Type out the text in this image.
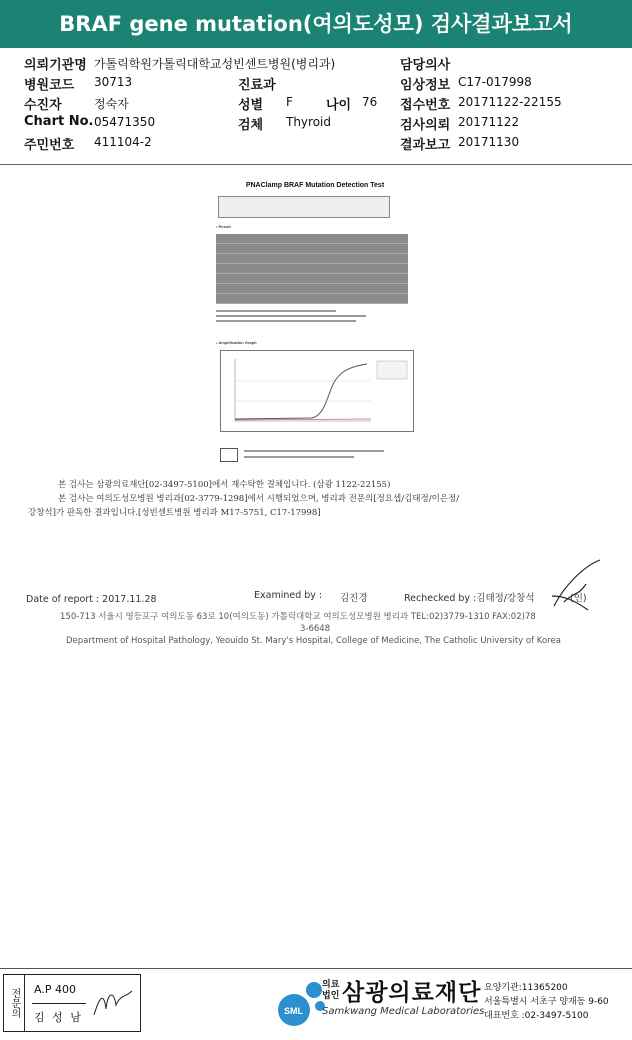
BRAF gene mutation(여의도성모) 검사결과보고서
의뢰기관명 가톨릭학원가톨릭대학교성빈센트병원(병리과)	담당의사
병원코드 30713	진료과	임상정보 C17-017998
수진자	정숙자	성별 F	나이 76 접수번호 20171122-22155
Chart No. 05471350	검체 Thyroid	검사의뢰 20171122
주민번호 411104-2	결과보고 20171130
PNAClamp BRAF Mutation Detection Test
• Result
• Amplification Graph
본 검사는 삼광의료재단[02-3497-5100]에서 재수탁한 결체입니다. (삼광 1122-22155)
본 검사는 여의도성모병원 병리과[02-3779-1298]에서 시행되었으며, 병리과 전문의[정요셉/김태정/이은정/
강창석]가 판독한 결과입니다.[성빈센트병원 병리과 M17-5751, C17-17998]
Date of report : 2017.11.28	Examined by : 김진경	Rechecked by :김태정/강창석	(인)
150-713 서울시 영등포구 여의도동 63로 10(여의도동) 가톨릭대학교 여의도성모병원 병리과 TEL:02)3779-1310 FAX:02)78
3-6648
Department of Hospital Pathology, Yeouido St. Mary's Hospital, College of Medicine, The Catholic University of Korea
전문의	A.P 400
김 성 남	SML
의료
법인 삼광의료재단
Samkwang Medical Laboratories
요양기관:11365200
서울특별시 서초구 양재동 9-60
대표번호 :02-3497-5100
